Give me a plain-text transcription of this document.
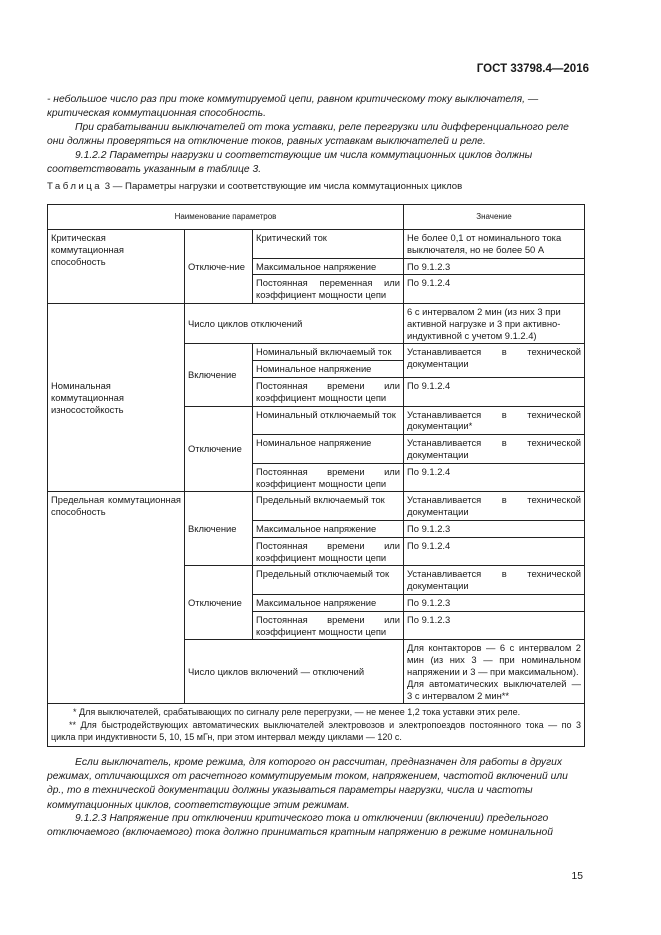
ГОСТ 33798.4—2016
- небольшое число раз при токе коммутируемой цепи, равном критическому току выключателя, — критическая коммутационная способность.
При срабатывании выключателей от тока уставки, реле перегрузки или дифференциального реле они должны проверяться на отключение токов, равных уставкам выключателей и реле.
9.1.2.2 Параметры нагрузки и соответствующие им числа коммутационных циклов должны соответствовать указанным в таблице 3.
Таблица 3 — Параметры нагрузки и соответствующие им числа коммутационных циклов
Наименование параметров			Значение
Критическая коммутационная способность	Отключе-ние	Критический ток	Не более 0,1 от номинального тока выключателя, но не более 50 А
		Максимальное напряжение	По 9.1.2.3
		Постоянная переменная или коэффициент мощности цепи	По 9.1.2.4
Номинальная коммутационная износостойкость	Число циклов отключений		6 с интервалом 2 мин (из них 3 при активной нагрузке и 3 при активно-индуктивной с учетом 9.1.2.4)
	Включение	Номинальный включаемый ток	Устанавливается в технической документации
		Номинальное напряжение	
		Постоянная времени или коэффициент мощности цепи	По 9.1.2.4
	Отключение	Номинальный отключаемый ток	Устанавливается в технической документации*
		Номинальное напряжение	Устанавливается в технической документации
		Постоянная времени или коэффициент мощности цепи	По 9.1.2.4
Предельная коммутационная способность	Включение	Предельный включаемый ток	Устанавливается в технической документации
		Максимальное напряжение	По 9.1.2.3
		Постоянная времени или коэффициент мощности цепи	По 9.1.2.4
	Отключение	Предельный отключаемый ток	Устанавливается в технической документации
		Максимальное напряжение	По 9.1.2.3
		Постоянная времени или коэффициент мощности цепи	По 9.1.2.3
	Число циклов включений — отключений		Для контакторов — 6 с интервалом 2 мин (из них 3 — при номинальном напряжении и 3 — при максимальном).
Для автоматических выключателей — 3 с интервалом 2 мин**

* Для выключателей, срабатывающих по сигналу реле перегрузки, — не менее 1,2 тока уставки этих реле.
** Для быстродействующих автоматических выключателей электровозов и электропоездов постоянного тока — по 3 цикла при индуктивности 5, 10, 15 мГн, при этом интервал между циклами — 120 с.			
Если выключатель, кроме режима, для которого он рассчитан, предназначен для работы в других режимах, отличающихся от расчетного коммутируемым током, напряжением, частотой включений или др., то в технической документации должны указываться параметры нагрузки, числа и частоты коммутационных циклов, соответствующие этим режимам.
9.1.2.3 Напряжение при отключении критического тока и отключении (включении) предельного отключаемого (включаемого) тока должно приниматься кратным напряжению в режиме номинальной
15
